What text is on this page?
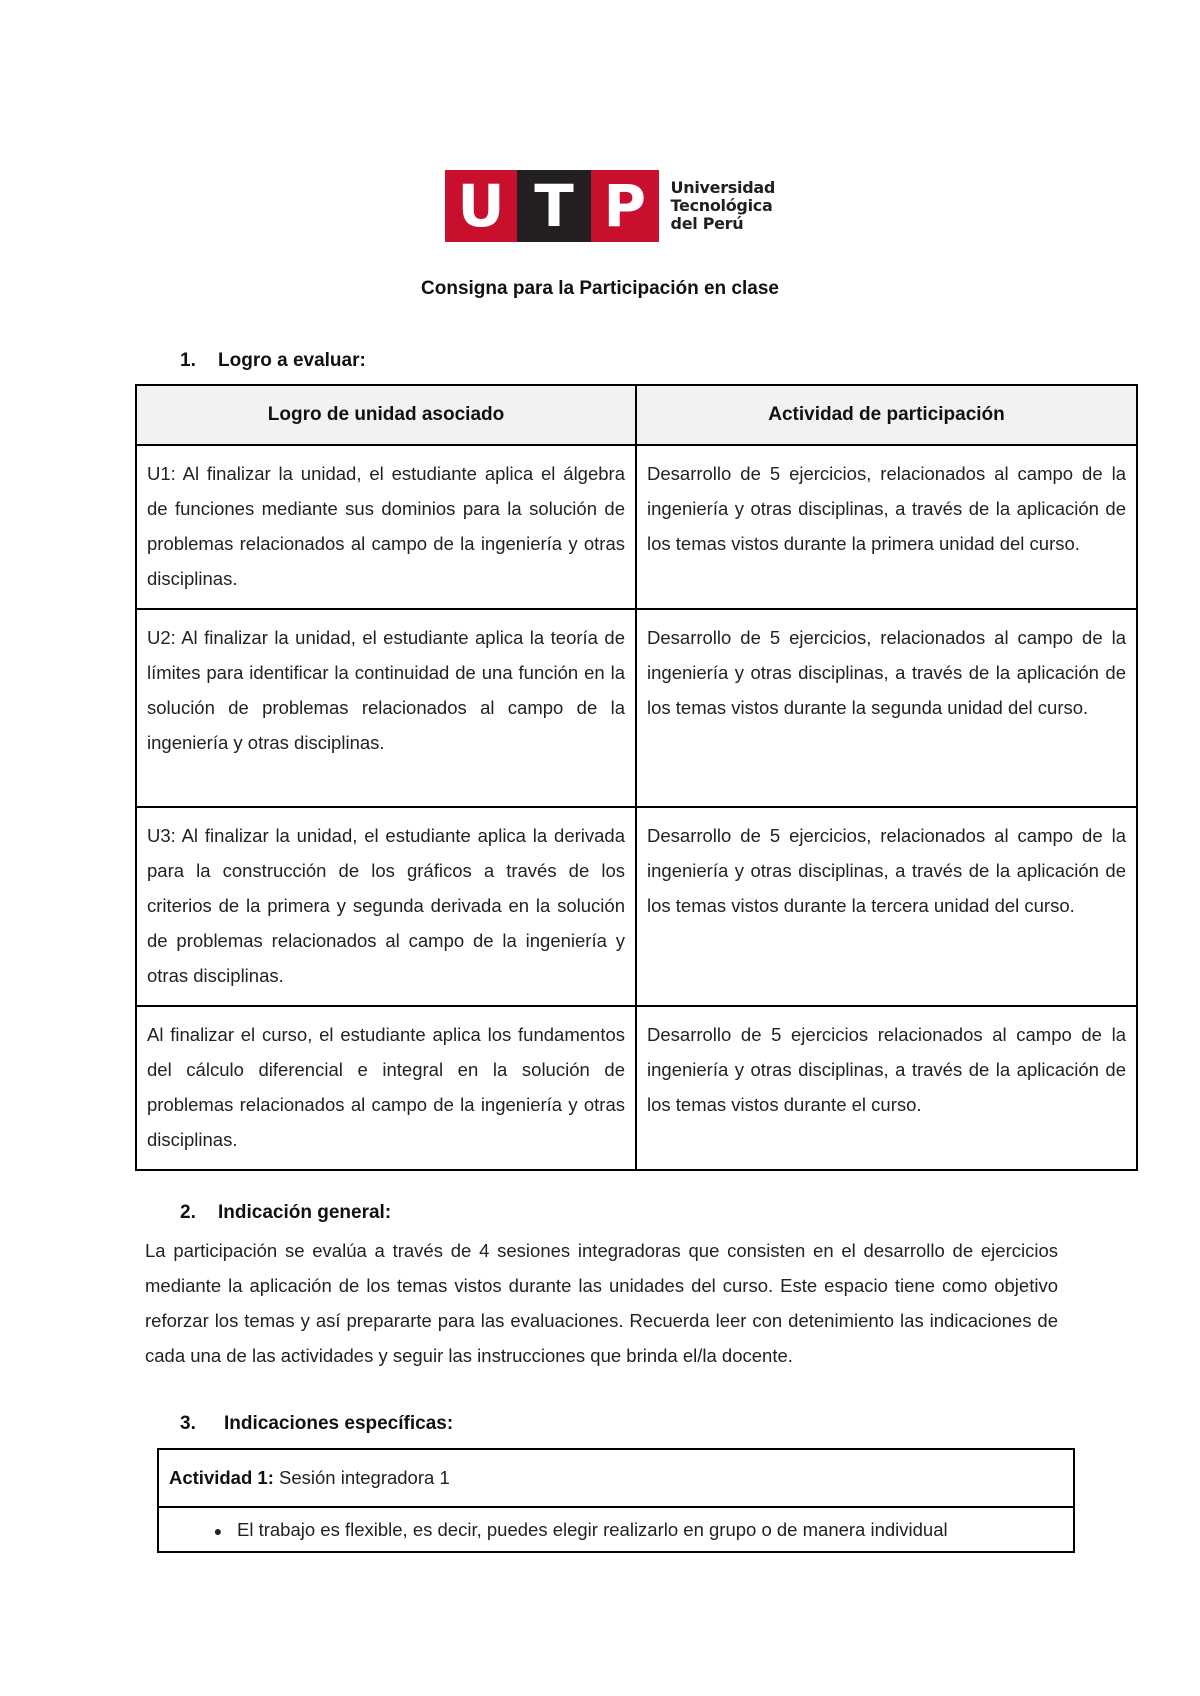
U T P	Universidad
Tecnológica
del Perú
Consigna para la Participación en clase
1. Logro a evaluar:
Logro de unidad asociado	Actividad de participación
U1: Al finalizar la unidad, el estudiante aplica el álgebra de funciones mediante sus dominios para la solución de problemas relacionados al campo de la ingeniería y otras disciplinas.	Desarrollo de 5 ejercicios, relacionados al campo de la ingeniería y otras disciplinas, a través de la aplicación de los temas vistos durante la primera unidad del curso.
U2: Al finalizar la unidad, el estudiante aplica la teoría de límites para identificar la continuidad de una función en la solución de problemas relacionados al campo de la ingeniería y otras disciplinas.	Desarrollo de 5 ejercicios, relacionados al campo de la ingeniería y otras disciplinas, a través de la aplicación de los temas vistos durante la segunda unidad del curso.
U3: Al finalizar la unidad, el estudiante aplica la derivada para la construcción de los gráficos a través de los criterios de la primera y segunda derivada en la solución de problemas relacionados al campo de la ingeniería y otras disciplinas.	Desarrollo de 5 ejercicios, relacionados al campo de la ingeniería y otras disciplinas, a través de la aplicación de los temas vistos durante la tercera unidad del curso.
Al finalizar el curso, el estudiante aplica los fundamentos del cálculo diferencial e integral en la solución de problemas relacionados al campo de la ingeniería y otras disciplinas.	Desarrollo de 5 ejercicios relacionados al campo de la ingeniería y otras disciplinas, a través de la aplicación de los temas vistos durante el curso.
2. Indicación general:
La participación se evalúa a través de 4 sesiones integradoras que consisten en el desarrollo de ejercicios mediante la aplicación de los temas vistos durante las unidades del curso. Este espacio tiene como objetivo reforzar los temas y así prepararte para las evaluaciones. Recuerda leer con detenimiento las indicaciones de cada una de las actividades y seguir las instrucciones que brinda el/la docente.
3. Indicaciones específicas:
Actividad 1: Sesión integradora 1
● El trabajo es flexible, es decir, puedes elegir realizarlo en grupo o de manera individual
